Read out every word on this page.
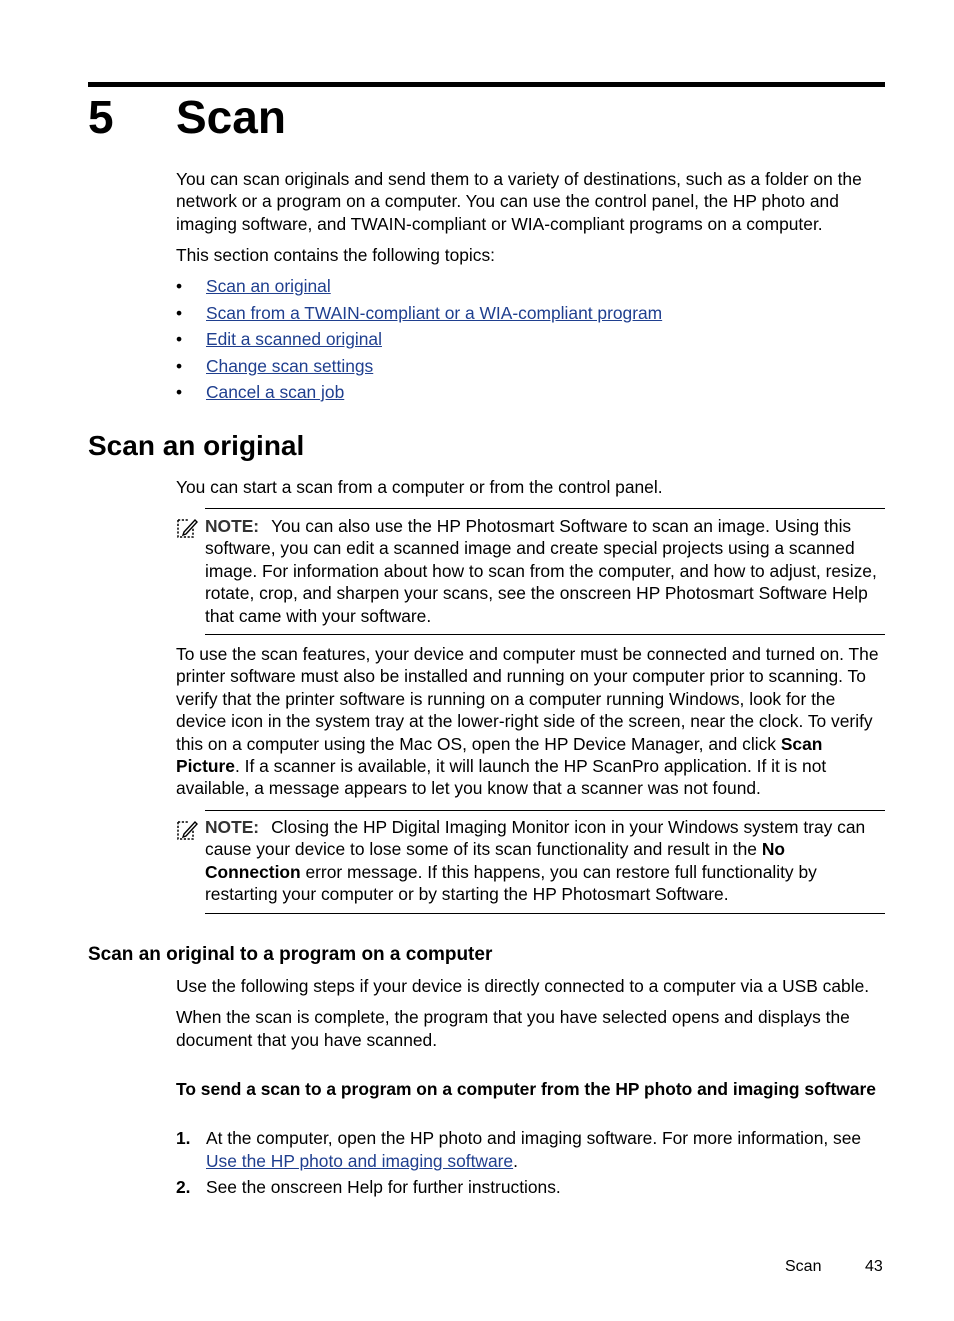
5 Scan

You can scan originals and send them to a variety of destinations, such as a folder on the network or a program on a computer. You can use the control panel, the HP photo and imaging software, and TWAIN-compliant or WIA-compliant programs on a computer.

This section contains the following topics:

• Scan an original
• Scan from a TWAIN-compliant or a WIA-compliant program
• Edit a scanned original
• Change scan settings
• Cancel a scan job
Scan an original
You can start a scan from a computer or from the control panel.
NOTE: You can also use the HP Photosmart Software to scan an image. Using this software, you can edit a scanned image and create special projects using a scanned image. For information about how to scan from the computer, and how to adjust, resize, rotate, crop, and sharpen your scans, see the onscreen HP Photosmart Software Help that came with your software.

To use the scan features, your device and computer must be connected and turned on. The printer software must also be installed and running on your computer prior to scanning. To verify that the printer software is running on a computer running Windows, look for the device icon in the system tray at the lower-right side of the screen, near the clock. To verify this on a computer using the Mac OS, open the HP Device Manager, and click Scan Picture. If a scanner is available, it will launch the HP ScanPro application. If it is not available, a message appears to let you know that a scanner was not found.

NOTE: Closing the HP Digital Imaging Monitor icon in your Windows system tray can cause your device to lose some of its scan functionality and result in the No Connection error message. If this happens, you can restore full functionality by restarting your computer or by starting the HP Photosmart Software.
Scan an original to a program on a computer

Use the following steps if your device is directly connected to a computer via a USB cable.

When the scan is complete, the program that you have selected opens and displays the document that you have scanned.

To send a scan to a program on a computer from the HP photo and imaging software
1. At the computer, open the HP photo and imaging software. For more information, see Use the HP photo and imaging software.
2. See the onscreen Help for further instructions.
Scan	43
